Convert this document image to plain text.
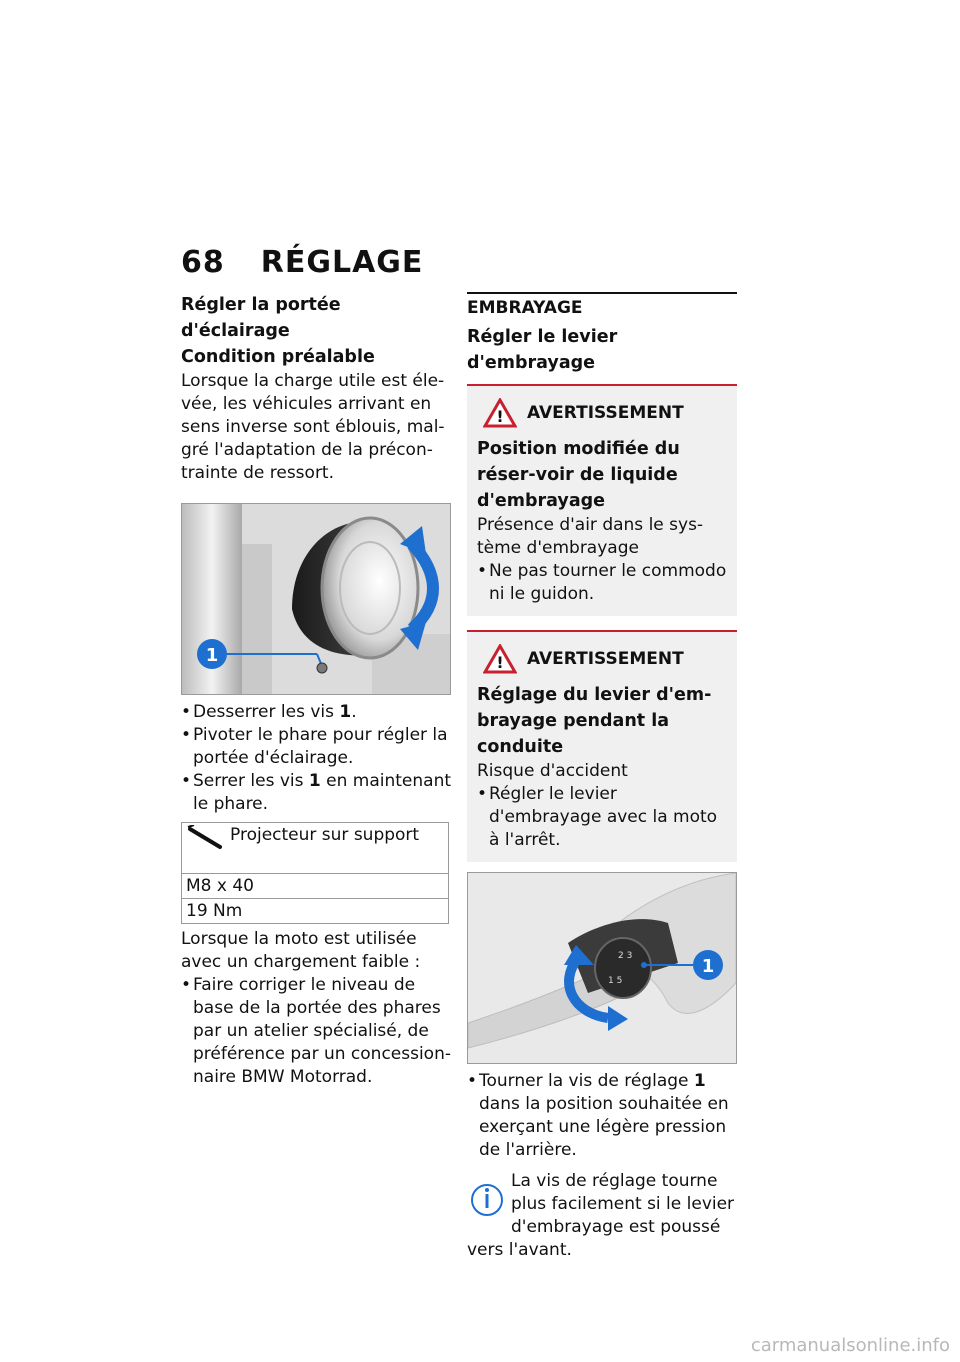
68 RÉGLAGE
Régler la portée d'éclairage
Condition préalable

Lorsque la charge utile est éle-

vée, les véhicules arrivant en

sens inverse sont éblouis, mal-

gré l'adaptation de la précon-

trainte de ressort.

1
• Desserrer les vis 1.
• Pivoter le phare pour régler la portée d'éclairage.
• Serrer les vis 1 en maintenant le phare.
Projecteur sur support
M8 x 40
19 Nm

Lorsque la moto est utilisée

avec un chargement faible :

• Faire corriger le niveau de base de la portée des phares par un atelier spécialisé, de préférence par un concession-naire BMW Motorrad.
EMBRAYAGE
Régler le levier d'embrayage
! AVERTISSEMENT
Position modifiée du réser-voir de liquide d'embrayage

Présence d'air dans le sys-tème d'embrayage

• Ne pas tourner le commodo ni le guidon.
! AVERTISSEMENT
Réglage du levier d'em-brayage pendant la conduite

Risque d'accident

• Régler le levier d'embrayage avec la moto à l'arrêt.
2 3
1 5
1
• Tourner la vis de réglage 1 dans la position souhaitée en exerçant une légère pression de l'arrière.

La vis de réglage tourne plus facilement si le levier d'embrayage est poussé vers l'avant.

carmanualsonline.info
